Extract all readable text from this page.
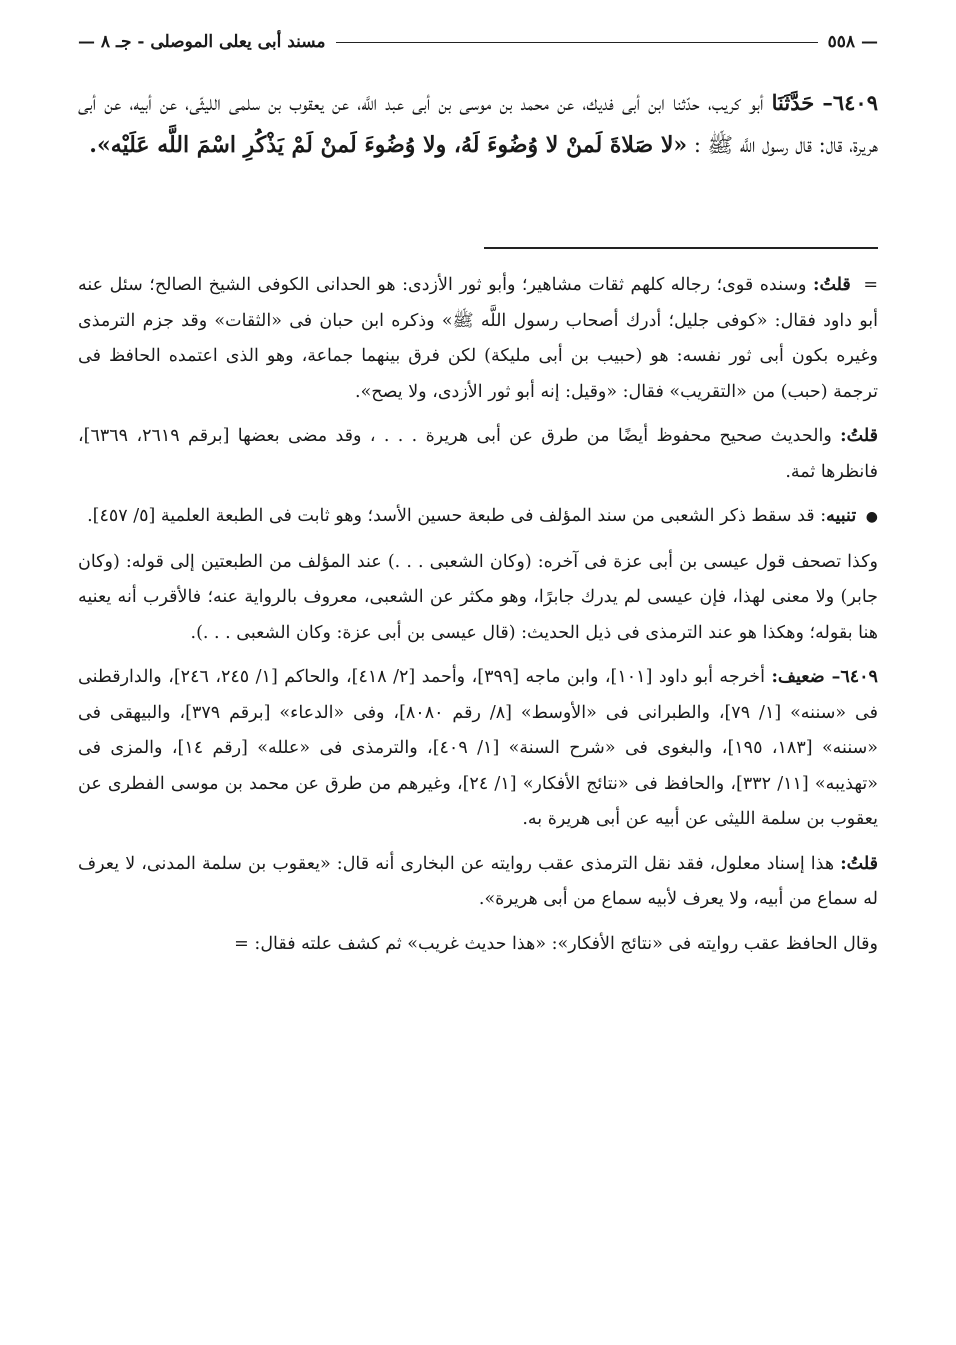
— ٥٥٨
مسند أبى يعلى الموصلى - جـ ٨ —
٦٤٠٩– حَدَّثَنَا أبو كريب، حدّثنا ابن أبى فديك، عن محمد بن موسى بن أبى عبد اللَّه، عن يعقوب بن سلمى الليثّى، عن أبيه، عن أبى هريرة، قال: قال رسول اللَّه ﷺ : «لا صَلاةَ لَمنْ لا وُضُوءَ لَهُ، ولا وُضُوءَ لَمنْ لَمْ يَذْكُرِ اسْمَ اللَّه عَلَيْه».

= قلتُ: وسنده قوى؛ رجاله كلهم ثقات مشاهير؛ وأبو ثور الأزدى: هو الحدانى الكوفى الشيخ الصالح؛ سئل عنه أبو داود فقال: «كوفى جليل؛ أدرك أصحاب رسول اللَّه ﷺ» وذكره ابن حبان فى «الثقات» وقد جزم الترمذى وغيره بكون أبى ثور نفسه: هو (حبيب بن أبى مليكة) لكن فرق بينهما جماعة، وهو الذى اعتمده الحافظ فى ترجمة (حبب) من «التقريب» فقال: «وقيل: إنه أبو ثور الأزدى، ولا يصح».

قلتُ: والحديث صحيح محفوظ أيضًا من طرق عن أبى هريرة . . . ، وقد مضى بعضها [برقم ٢٦١٩، ٦٣٦٩]، فانظرها ثمة.

● تنبيه: قد سقط ذكر الشعبى من سند المؤلف فى طبعة حسين الأسد؛ وهو ثابت فى الطبعة العلمية [٥/ ٤٥٧].

وكذا تصحف قول عيسى بن أبى عزة فى آخره: (وكان الشعبى . . .) عند المؤلف من الطبعتين إلى قوله: (وكان جابر) ولا معنى لهذا، فإن عيسى لم يدرك جابرًا، وهو مكثر عن الشعبى، معروف بالرواية عنه؛ فالأقرب أنه يعنيه هنا بقوله؛ وهكذا هو عند الترمذى فى ذيل الحديث: (قال عيسى بن أبى عزة: وكان الشعبى . . .).

٦٤٠٩– ضعيف: أخرجه أبو داود [١٠١]، وابن ماجه [٣٩٩]، وأحمد [٢/ ٤١٨]، والحاكم [١/ ٢٤٥، ٢٤٦]، والدارقطنى فى «سننه» [١/ ٧٩]، والطبرانى فى «الأوسط» [٨/ رقم ٨٠٨٠]، وفى «الدعاء» [برقم ٣٧٩]، والبيهقى فى «سننه» [١٨٣، ١٩٥]، والبغوى فى «شرح السنة» [١/ ٤٠٩]، والترمذى فى «علله» [رقم ١٤]، والمزى فى «تهذيبه» [١١/ ٣٣٢]، والحافظ فى «نتائج الأفكار» [١/ ٢٤]، وغيرهم من طرق عن محمد بن موسى الفطرى عن يعقوب بن سلمة الليثى عن أبيه عن أبى هريرة به.

قلتُ: هذا إسناد معلول، فقد نقل الترمذى عقب روايته عن البخارى أنه قال: «يعقوب بن سلمة المدنى، لا يعرف له سماع من أبيه، ولا يعرف لأبيه سماع من أبى هريرة».

وقال الحافظ عقب روايته فى «نتائج الأفكار»: «هذا حديث غريب» ثم كشف علته فقال: =
